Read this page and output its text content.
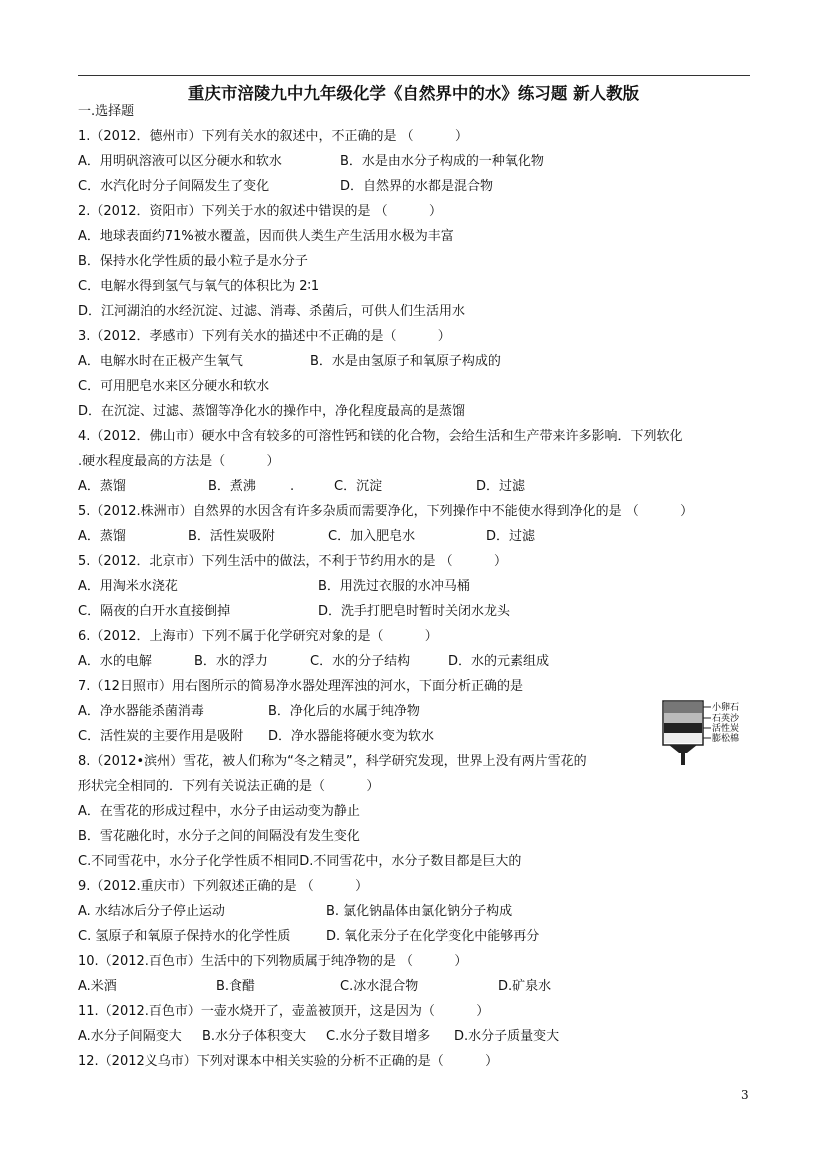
重庆市涪陵九中九年级化学《自然界中的水》练习题 新人教版
一.选择题
1.（2012．德州市）下列有关水的叙述中，不正确的是 （          ）
A．用明矾溶液可以区分硬水和软水	B．水是由水分子构成的一种氧化物
C．水汽化时分子间隔发生了变化	D．自然界的水都是混合物
2.（2012．资阳市）下列关于水的叙述中错误的是 （          ）
A．地球表面约71%被水覆盖，因而供人类生产生活用水极为丰富
B．保持水化学性质的最小粒子是水分子
C．电解水得到氢气与氧气的体积比为 2∶1
D．江河湖泊的水经沉淀、过滤、消毒、杀菌后，可供人们生活用水
3.（2012．孝感市）下列有关水的描述中不正确的是（          ）
A．电解水时在正极产生氧气	B．水是由氢原子和氧原子构成的
C．可用肥皂水来区分硬水和软水
D．在沉淀、过滤、蒸馏等净化水的操作中，净化程度最高的是蒸馏
4.（2012．佛山市）硬水中含有较多的可溶性钙和镁的化合物，会给生活和生产带来许多影响．下列软化
.硬水程度最高的方法是（          ）
A．蒸馏	B．煮沸	.	C．沉淀	D．过滤
5.（2012.株洲市）自然界的水因含有许多杂质而需要净化，下列操作中不能使水得到净化的是 （          ）
A．蒸馏	B．活性炭吸附	C．加入肥皂水	D．过滤
5.（2012．北京市）下列生活中的做法，不利于节约用水的是 （          ）
A．用淘米水浇花	B．用洗过衣服的水冲马桶
C．隔夜的白开水直接倒掉	D．洗手打肥皂时暂时关闭水龙头
6.（2012．上海市）下列不属于化学研究对象的是（          ）
A．水的电解	B．水的浮力	C．水的分子结构	D．水的元素组成
7.（12日照市）用右图所示的简易净水器处理浑浊的河水，下面分析正确的是
A．净水器能杀菌消毒	B．净化后的水属于纯净物
C．活性炭的主要作用是吸附 D．净水器能将硬水变为软水
8.（2012•滨州）雪花，被人们称为“冬之精灵”，科学研究发现，世界上没有两片雪花的
形状完全相同的．下列有关说法正确的是（          ）
A．在雪花的形成过程中，水分子由运动变为静止
B．雪花融化时，水分子之间的间隔没有发生变化
C.不同雪花中，水分子化学性质不相同D.不同雪花中，水分子数目都是巨大的
9.（2012.重庆市）下列叙述正确的是 （          ）
A. 水结冰后分子停止运动	B. 氯化钠晶体由氯化钠分子构成
C. 氢原子和氧原子保持水的化学性质	D. 氧化汞分子在化学变化中能够再分
10.（2012.百色市）生活中的下列物质属于纯净物的是 （          ）
A.米酒	B.食醋	C.冰水混合物	D.矿泉水
11.（2012.百色市）一壶水烧开了，壶盖被顶开，这是因为（          ）
A.水分子间隔变大 B.水分子体积变大 C.水分子数目增多 D.水分子质量变大
12.（2012义乌市）下列对课本中相关实验的分析不正确的是（          ）
小卵石
石英沙
活性炭
膨松棉
3
